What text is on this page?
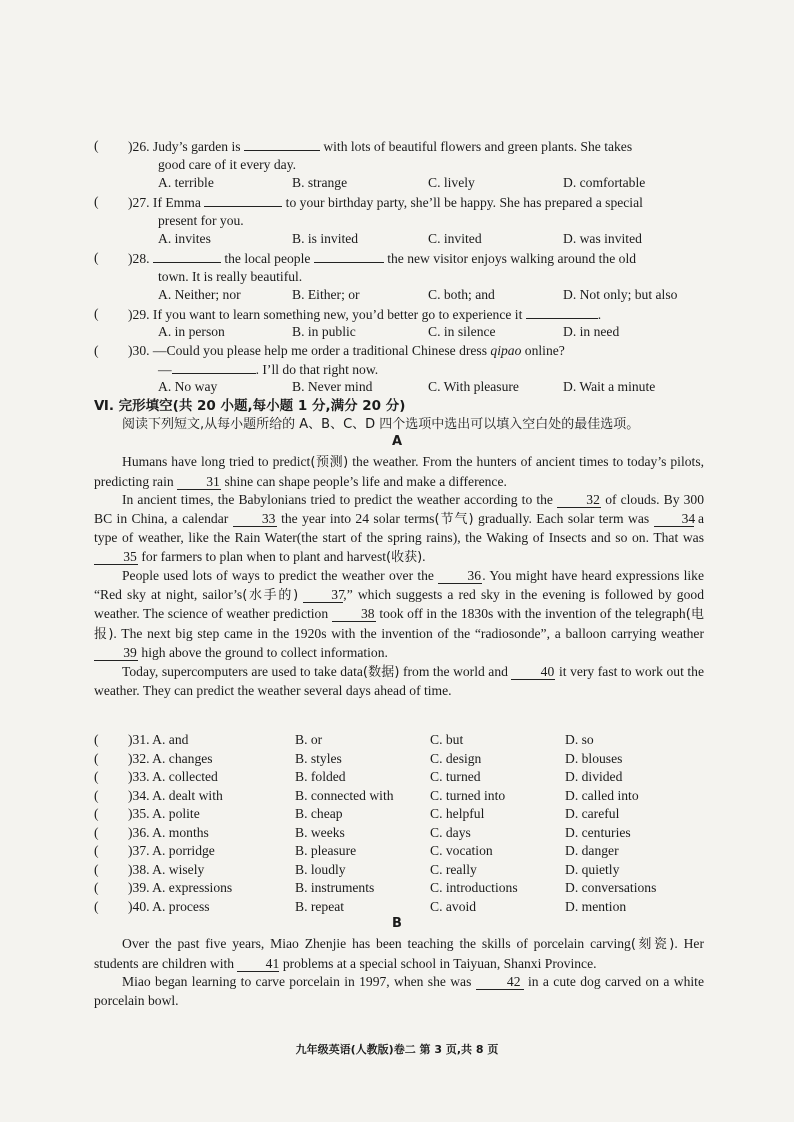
( )26. Judy’s garden is	with lots of beautiful flowers and green plants. She takes
good care of it every day.
A. terrible	B. strange	C. lively	D. comfortable
( )27. If Emma	to your birthday party, she’ll be happy. She has prepared a special
present for you.
A. invites	B. is invited	C. invited	D. was invited
( )28.	the local people	the new visitor enjoys walking around the old
town. It is really beautiful.
A. Neither; nor	B. Either; or	C. both; and	D. Not only; but also
( )29. If you want to learn something new, you’d better go to experience it	.
A. in person	B. in public	C. in silence	D. in need
( )30. —Could you please help me order a traditional Chinese dress qipao online?
—	. I’ll do that right now.
A. No way	B. Never mind	C. With pleasure	D. Wait a minute
Ⅵ. 完形填空(共 20 小题,每小题 1 分,满分 20 分)
阅读下列短文,从每小题所给的 A、B、C、D 四个选项中选出可以填入空白处的最佳选项。
A

Humans have long tried to predict(预测) the weather. From the hunters of ancient times to today’s pilots, predicting rain 31 shine can shape people’s life and make a difference.

In ancient times, the Babylonians tried to predict the weather according to the 32 of clouds. By 300 BC in China, a calendar 33 the year into 24 solar terms(节气) gradually. Each solar term was 34 a type of weather, like the Rain Water(the start of the spring rains), the Waking of Insects and so on. That was 35 for farmers to plan when to plant and harvest(收获).

People used lots of ways to predict the weather over the 36. You might have heard expressions like “Red sky at night, sailor’s(水手的) 37,” which suggests a red sky in the evening is followed by good weather. The science of weather prediction 38 took off in the 1830s with the invention of the telegraph(电报). The next big step came in the 1920s with the invention of the “radiosonde”, a balloon carrying weather 39 high above the ground to collect information.

Today, supercomputers are used to take data(数据) from the world and 40 it very fast to work out the weather. They can predict the weather several days ahead of time.

( )31. A. and	B. or	C. but	D. so
( )32. A. changes	B. styles	C. design	D. blouses
( )33. A. collected	B. folded	C. turned	D. divided
( )34. A. dealt with	B. connected with	C. turned into	D. called into
( )35. A. polite	B. cheap	C. helpful	D. careful
( )36. A. months	B. weeks	C. days	D. centuries
( )37. A. porridge	B. pleasure	C. vocation	D. danger
( )38. A. wisely	B. loudly	C. really	D. quietly
( )39. A. expressions	B. instruments	C. introductions	D. conversations
( )40. A. process	B. repeat	C. avoid	D. mention
B

Over the past five years, Miao Zhenjie has been teaching the skills of porcelain carving(刻瓷). Her students are children with 41 problems at a special school in Taiyuan, Shanxi Province.

Miao began learning to carve porcelain in 1997, when she was 42 in a cute dog carved on a white porcelain bowl.

九年级英语(人教版)卷二 第 3 页,共 8 页
